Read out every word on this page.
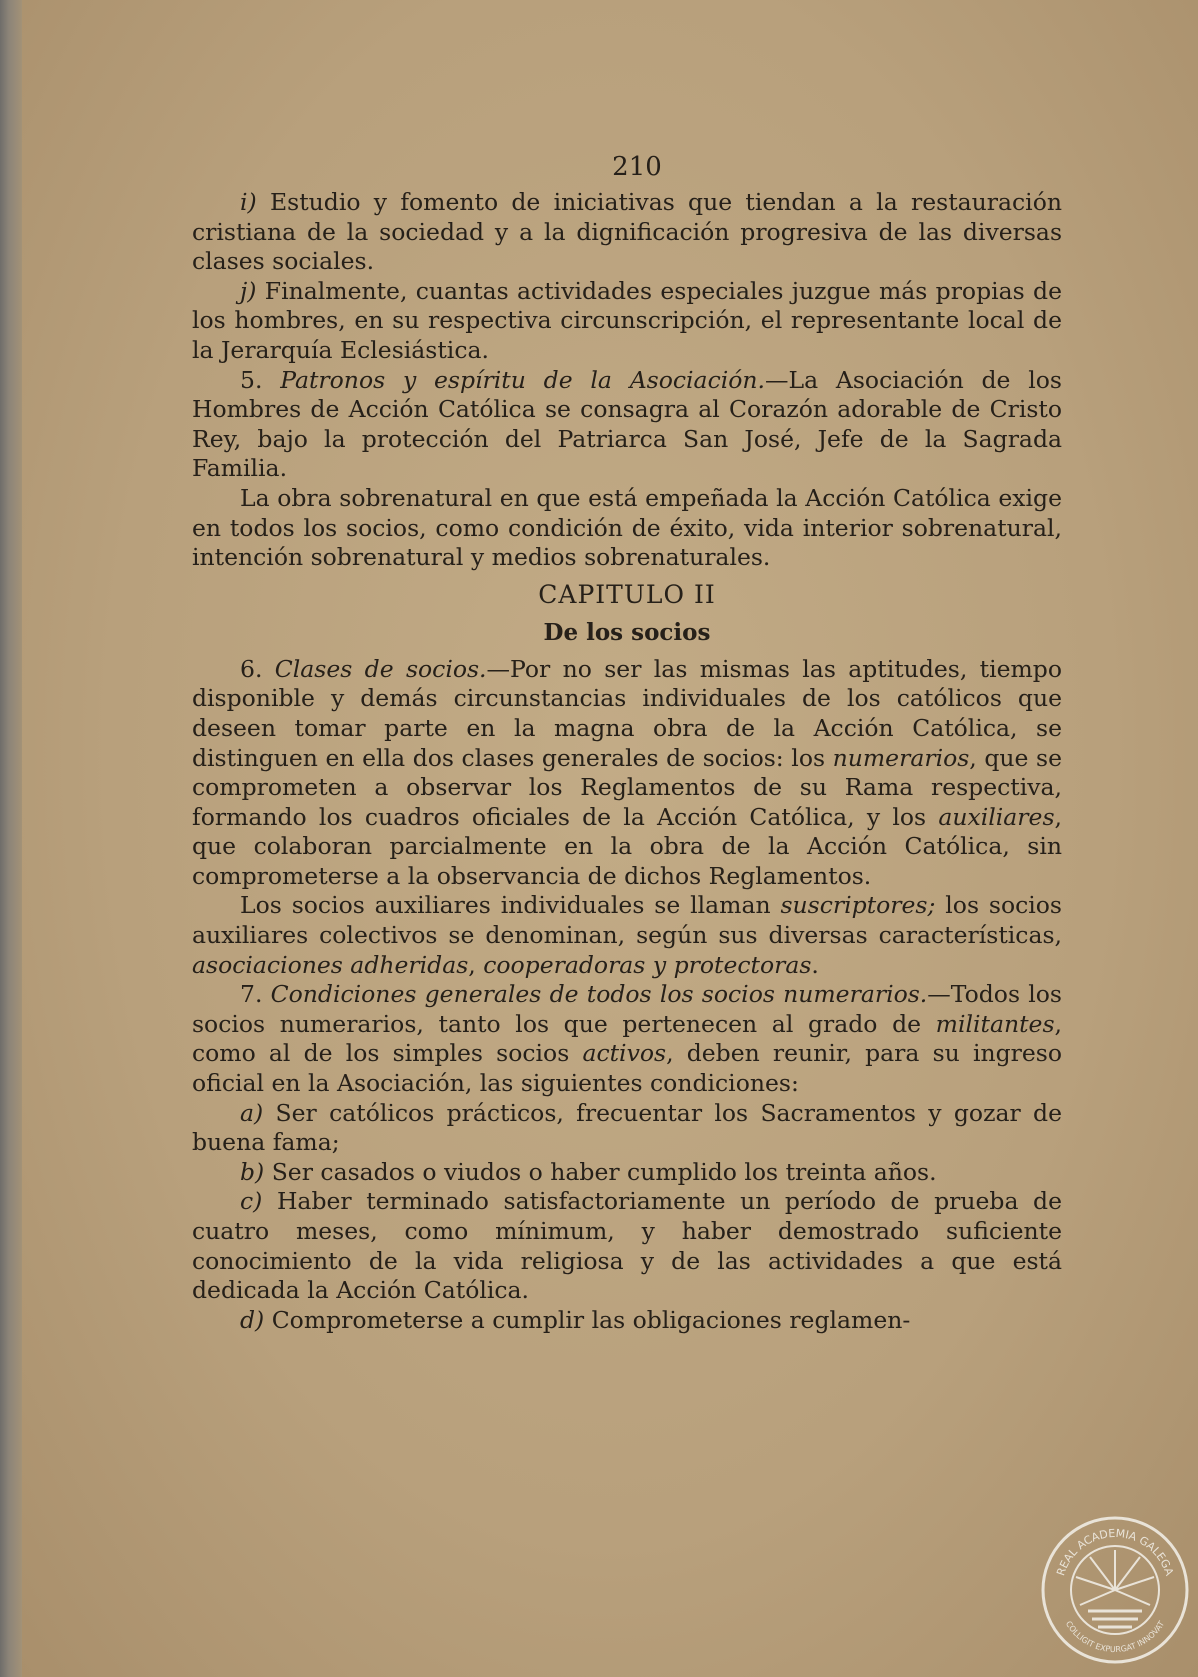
210

i) Estudio y fomento de iniciativas que tiendan a la restauración cristiana de la sociedad y a la dignificación progresiva de las diversas clases sociales.

j) Finalmente, cuantas actividades especiales juzgue más propias de los hombres, en su respectiva circunscripción, el representante local de la Jerarquía Eclesiástica.

5. Patronos y espíritu de la Asociación.—La Asociación de los Hombres de Acción Católica se consagra al Corazón adorable de Cristo Rey, bajo la protección del Patriarca San José, Jefe de la Sagrada Familia.

La obra sobrenatural en que está empeñada la Acción Católica exige en todos los socios, como condición de éxito, vida interior sobrenatural, intención sobrenatural y medios sobrenaturales.

CAPITULO II

De los socios

6. Clases de socios.—Por no ser las mismas las aptitudes, tiempo disponible y demás circunstancias individuales de los católicos que deseen tomar parte en la magna obra de la Acción Católica, se distinguen en ella dos clases generales de socios: los numerarios, que se comprometen a observar los Reglamentos de su Rama respectiva, formando los cuadros oficiales de la Acción Católica, y los auxiliares, que colaboran parcialmente en la obra de la Acción Católica, sin comprometerse a la observancia de dichos Reglamentos.

Los socios auxiliares individuales se llaman suscriptores; los socios auxiliares colectivos se denominan, según sus diversas características, asociaciones adheridas, cooperadoras y protectoras.

7. Condiciones generales de todos los socios numerarios.—Todos los socios numerarios, tanto los que pertenecen al grado de militantes, como al de los simples socios activos, deben reunir, para su ingreso oficial en la Asociación, las siguientes condiciones:

a) Ser católicos prácticos, frecuentar los Sacramentos y gozar de buena fama;

b) Ser casados o viudos o haber cumplido los treinta años.

c) Haber terminado satisfactoriamente un período de prueba de cuatro meses, como mínimum, y haber demostrado suficiente conocimiento de la vida religiosa y de las actividades a que está dedicada la Acción Católica.

d) Comprometerse a cumplir las obligaciones reglamen-

REAL ACADEMIA GALEGA
COLLIGIT EXPURGAT INNOVAT
